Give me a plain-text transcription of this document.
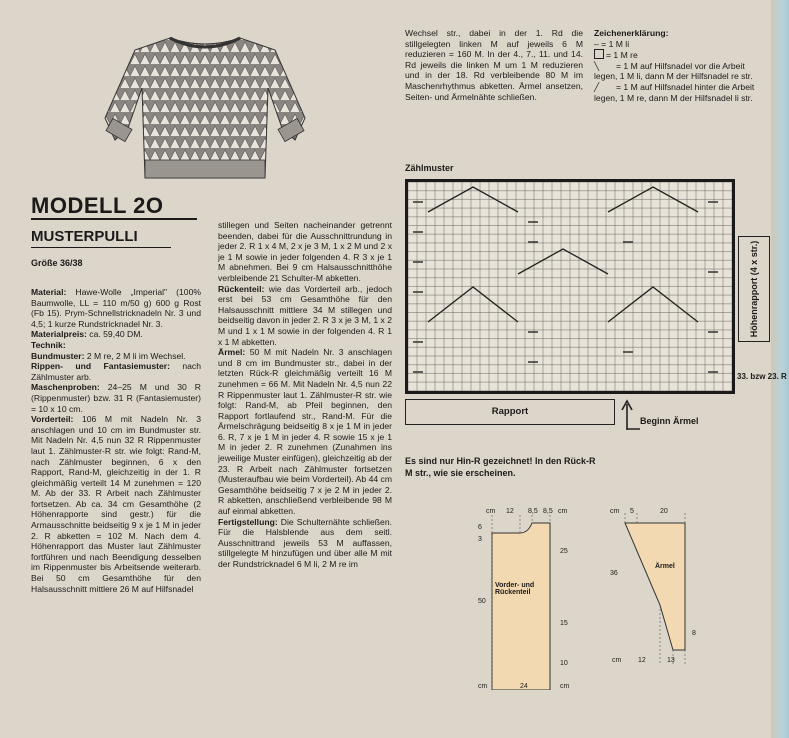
MODELL 2O
MUSTERPULLI
Größe 36/38

Material: Hawe-Wolle „Imperial" (100% Baumwolle, LL = 110 m/50 g) 600 g Rost (Fb 15). Prym-Schnellstricknadeln Nr. 3 und 4,5; 1 kurze Rundstricknadel Nr. 3.

Materialpreis: ca. 59,40 DM.

Technik:

Bundmuster: 2 M re, 2 M li im Wechsel.

Rippen- und Fantasiemuster: nach Zählmuster arb.

Maschenproben: 24–25 M und 30 R (Rippenmuster) bzw. 31 R (Fantasiemuster) = 10 x 10 cm.

Vorderteil: 106 M mit Nadeln Nr. 3 anschlagen und 10 cm im Bundmuster str. Mit Nadeln Nr. 4,5 nun 32 R Rippenmuster laut 1. Zählmuster-R str. wie folgt: Rand-M, nach Zählmuster beginnen, 6 x den Rapport, Rand-M, gleichzeitig in der 1. R gleichmäßig verteilt 14 M zunehmen = 120 M. Ab der 33. R Arbeit nach Zählmuster fortsetzen. Ab ca. 34 cm Gesamthöhe (2 Höhenrapporte sind gestr.) für die Armausschnitte beidseitig 9 x je 1 M in jeder 2. R abketten = 102 M. Nach dem 4. Höhenrapport das Muster laut Zählmuster fortführen und nach Beendigung desselben im Rippenmuster bis Arbeitsende weiterarb. Bei 50 cm Gesamthöhe für den Halsausschnitt mittlere 26 M auf Hilfsnadel

stillegen und Seiten nacheinander getrennt beenden, dabei für die Ausschnittrundung in jeder 2. R 1 x 4 M, 2 x je 3 M, 1 x 2 M und 2 x je 1 M sowie in jeder folgenden 4. R 3 x je 1 M abnehmen. Bei 9 cm Halsausschnitthöhe verbleibende 21 Schulter-M abketten.

Rückenteil: wie das Vorderteil arb., jedoch erst bei 53 cm Gesamthöhe für den Halsausschnitt mittlere 34 M stillegen und beidseitig davon in jeder 2. R 3 x je 3 M, 1 x 2 M und 1 x 1 M sowie in der folgenden 4. R 1 x 1 M abketten.

Ärmel: 50 M mit Nadeln Nr. 3 anschlagen und 8 cm im Bundmuster str., dabei in der letzten Rück-R gleichmäßig verteilt 16 M zunehmen = 66 M. Mit Nadeln Nr. 4,5 nun 22 R Rippenmuster laut 1. Zählmuster-R str. wie folgt: Rand-M, ab Pfeil beginnen, den Rapport fortlaufend str., Rand-M. Für die Ärmelschrägung beidseitig 8 x je 1 M in jeder 6. R, 7 x je 1 M in jeder 4. R sowie 15 x je 1 M in jeder 2. R zunehmen (Zunahmen ins jeweilige Muster einfügen), gleichzeitig ab der 23. R Arbeit nach Zählmuster fortsetzen (Musteraufbau wie beim Vorderteil). Ab 44 cm Gesamthöhe beidseitig 7 x je 2 M in jeder 2. R abketten, anschließend verbleibende 98 M auf einmal abketten.

Fertigstellung: Die Schulternähte schließen. Für die Halsblende aus dem seitl. Ausschnittrand jeweils 53 M auffassen, stillgelegte M hinzufügen und über alle M mit der Rundstricknadel 6 M li, 2 M re im

Wechsel str., dabei in der 1. Rd die stillgelegten linken M auf jeweils 6 M reduzieren = 160 M. In der 4., 7., 11. und 14. Rd jeweils die linken M um 1 M reduzieren und in der 18. Rd verbleibende 80 M im Maschenrhythmus abketten. Ärmel ansetzen, Seiten- und Ärmelnähte schließen.

Zeichenerklärung:
– = 1 M li
= 1 M re
╲ = 1 M auf Hilfsnadel vor die Arbeit legen, 1 M li, dann M der Hilfsnadel re str.
╱ = 1 M auf Hilfsnadel hinter die Arbeit legen, 1 M re, dann M der Hilfsnadel li str.
Zählmuster
Höhenrapport (4 x str.)
33. bzw 23. R
Rapport
Beginn Ärmel
Es sind nur Hin-R gezeichnet! In den Rück-R M str., wie sie erscheinen.
Vorder- und Rückenteil
cm 12 8,5 8,5 cm
6
3
25
50
15
10
cm	24	cm
Ärmel
cm 5	20
36
8
cm 12	13
